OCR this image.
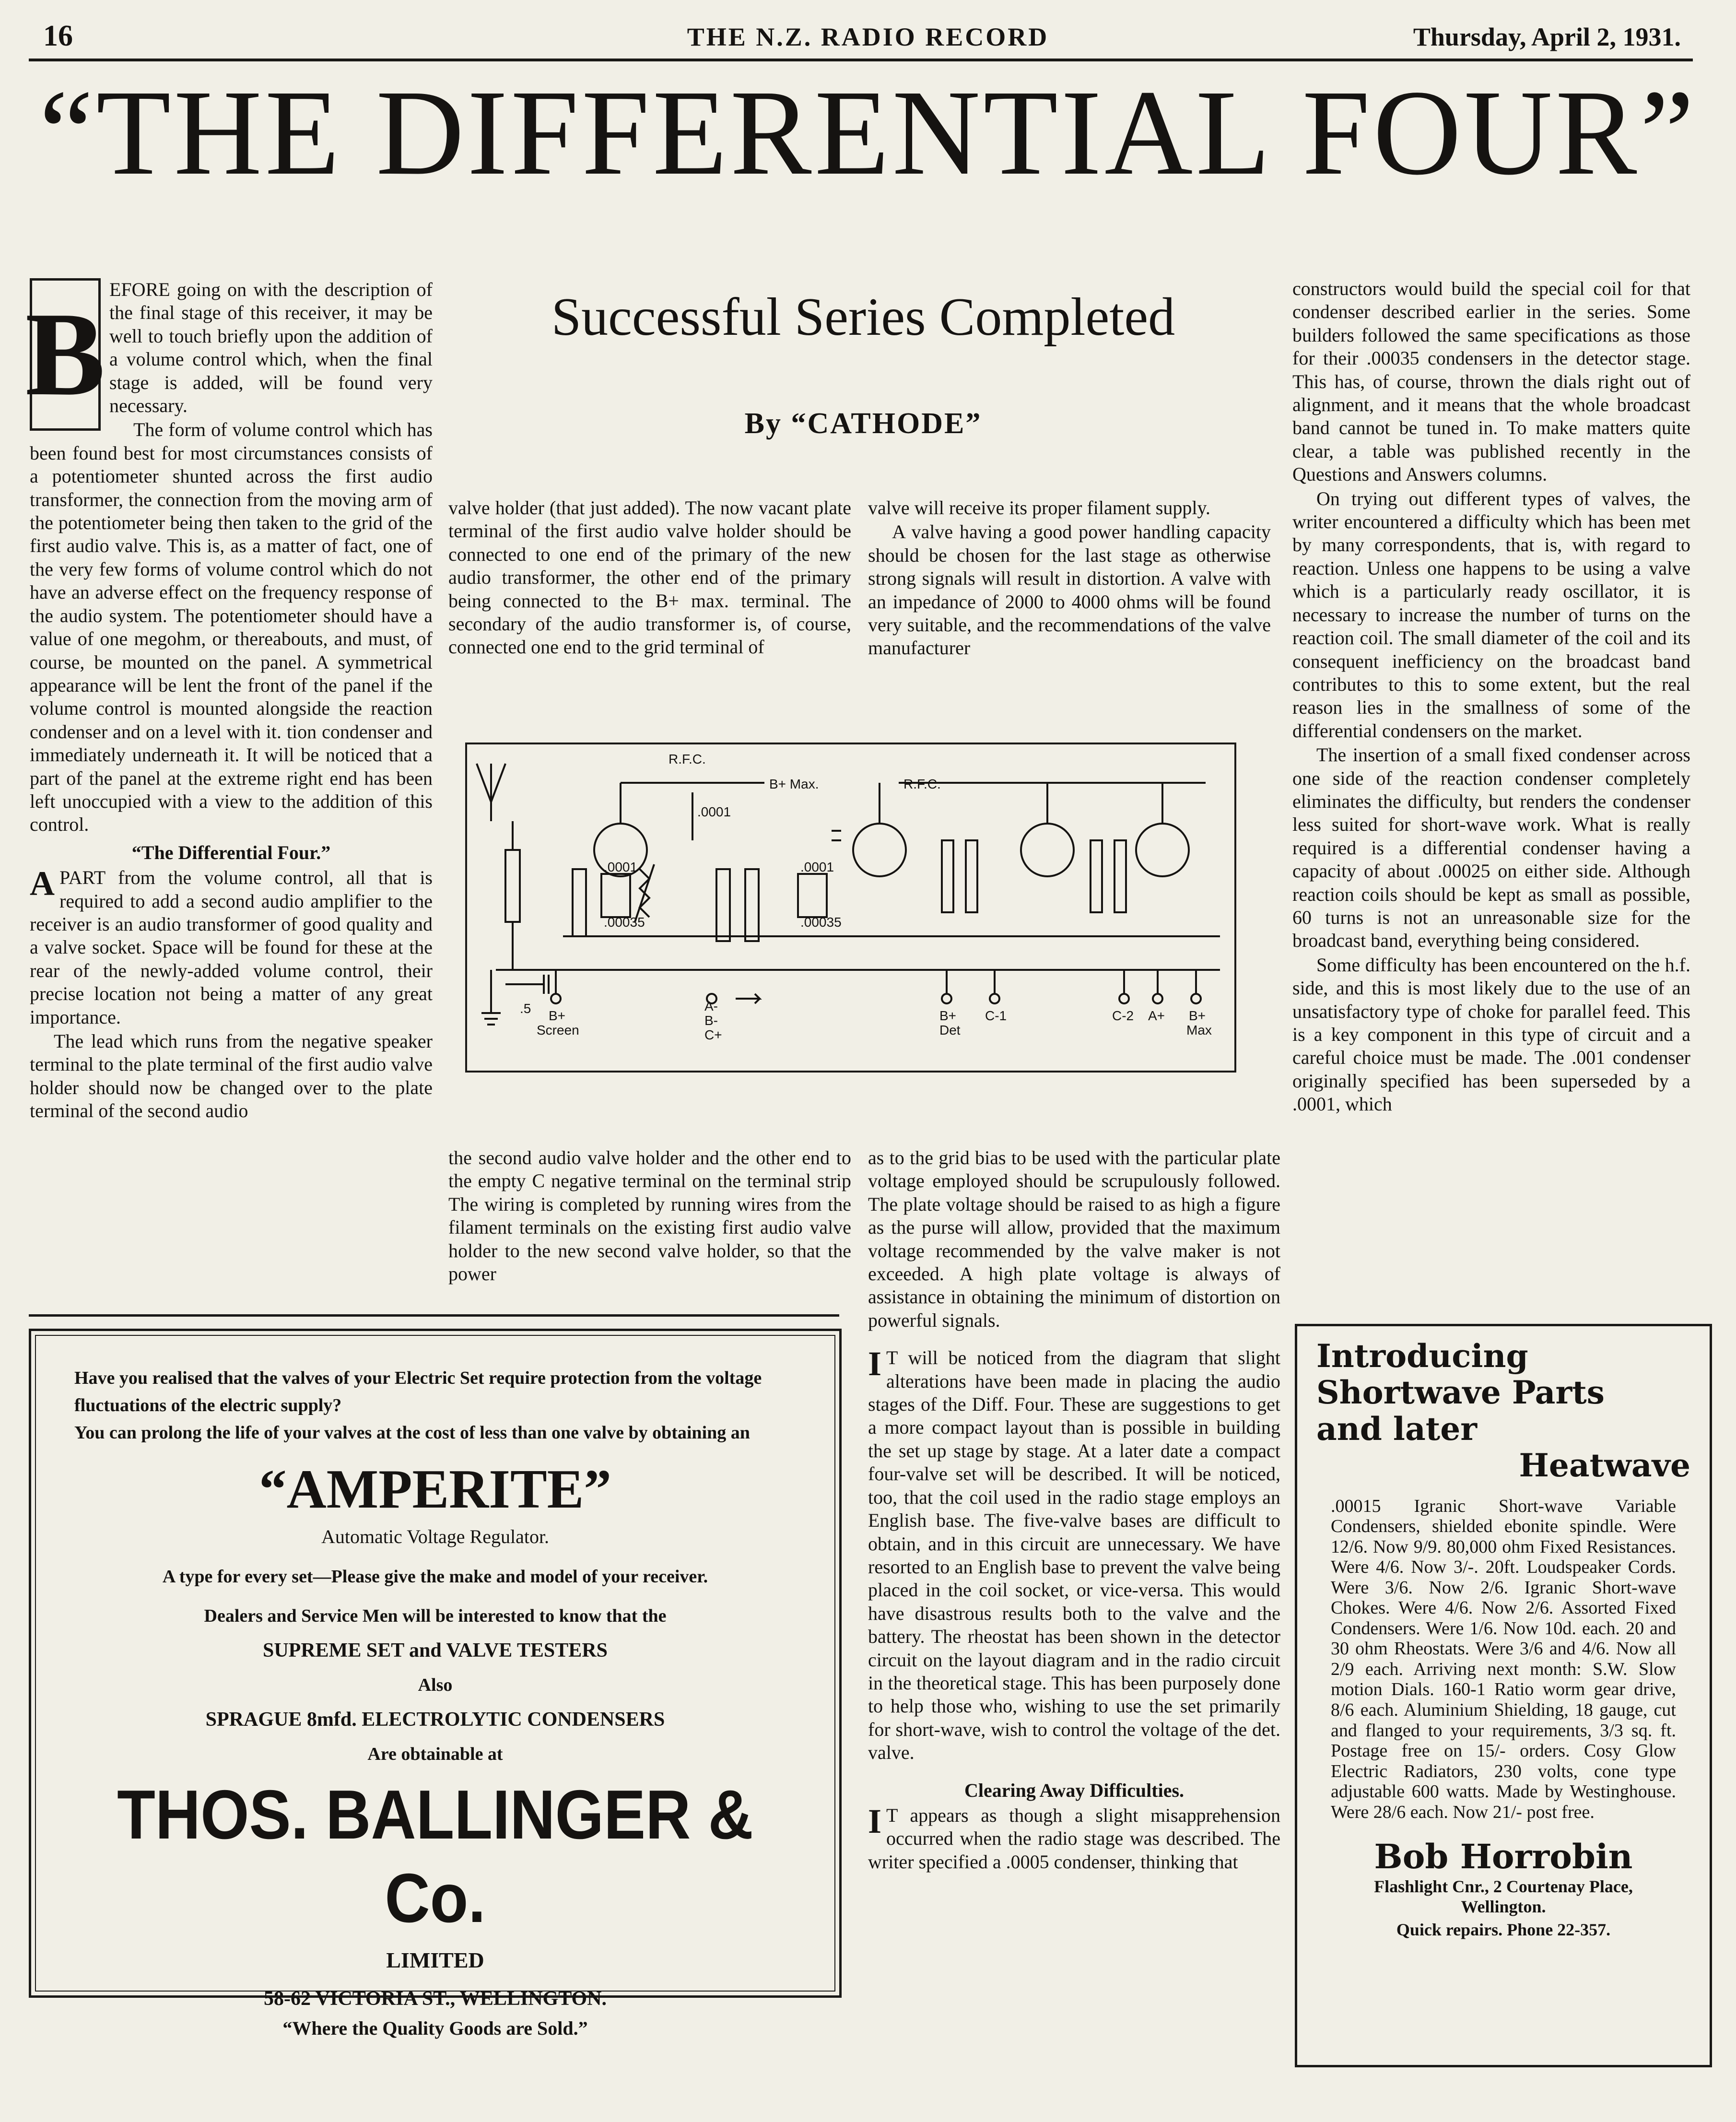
16	THE N.Z. RADIO RECORD	Thursday, April 2, 1931.
“THE DIFFERENTIAL FOUR”
Successful Series Completed
By “CATHODE”
B EFORE going on with the description of the final stage of this receiver, it may be well to touch briefly upon the addition of a volume control which, when the final stage is added, will be found very necessary.

The form of volume control which has been found best for most circumstances consists of a potentiometer shunted across the first audio transformer, the connection from the moving arm of the potentiometer being then taken to the grid of the first audio valve. This is, as a matter of fact, one of the very few forms of volume control which do not have an adverse effect on the frequency response of the audio system. The potentiometer should have a value of one megohm, or thereabouts, and must, of course, be mounted on the panel. A symmetrical appearance will be lent the front of the panel if the volume control is mounted alongside the reaction condenser and on a level with it. tion condenser and immediately underneath it. It will be noticed that a part of the panel at the extreme right end has been left unoccupied with a view to the addition of this control.

“The Differential Four.”

APART from the volume control, all that is required to add a second audio amplifier to the receiver is an audio transformer of good quality and a valve socket. Space will be found for these at the rear of the newly-added volume control, their precise location not being a matter of any great importance.

The lead which runs from the negative speaker terminal to the plate terminal of the first audio valve holder should now be changed over to the plate terminal of the second audio

valve holder (that just added). The now vacant plate terminal of the first audio valve holder should be connected to one end of the primary of the new audio transformer, the other end of the primary being connected to the B+ max. terminal. The secondary of the audio transformer is, of course, connected one end to the grid terminal of

the second audio valve holder and the other end to the empty C negative terminal on the terminal strip The wiring is completed by running wires from the filament terminals on the existing first audio valve holder to the new second valve holder, so that the power

valve will receive its proper filament supply.

A valve having a good power handling capacity should be chosen for the last stage as otherwise strong signals will result in distortion. A valve with an impedance of 2000 to 4000 ohms will be found very suitable, and the recommendations of the valve manufacturer

as to the grid bias to be used with the particular plate voltage employed should be scrupulously followed. The plate voltage should be raised to as high a figure as the purse will allow, provided that the maximum voltage recommended by the valve maker is not exceeded. A high plate voltage is always of assistance in obtaining the minimum of distortion on powerful signals.

I T will be noticed from the diagram that slight alterations have been made in placing the audio stages of the Diff. Four. These are suggestions to get a more compact layout than is possible in building the set up stage by stage. At a later date a compact four-valve set will be described. It will be noticed, too, that the coil used in the radio stage employs an English base. The five-valve bases are difficult to obtain, and in this circuit are unnecessary. We have resorted to an English base to prevent the valve being placed in the coil socket, or vice-versa. This would have disastrous results both to the valve and the battery. The rheostat has been shown in the detector circuit on the layout diagram and in the radio circuit in the theoretical stage. This has been purposely done to help those who, wishing to use the set primarily for short-wave, wish to control the voltage of the det. valve.

Clearing Away Difficulties.

I T appears as though a slight misapprehension occurred when the radio stage was described. The writer specified a .0005 condenser, thinking that

constructors would build the special coil for that condenser described earlier in the series. Some builders followed the same specifications as those for their .00035 condensers in the detector stage. This has, of course, thrown the dials right out of alignment, and it means that the whole broadcast band cannot be tuned in. To make matters quite clear, a table was published recently in the Questions and Answers columns.

On trying out different types of valves, the writer encountered a difficulty which has been met by many correspondents, that is, with regard to reaction. Unless one happens to be using a valve which is a particularly ready oscillator, it is necessary to increase the number of turns on the reaction coil. The small diameter of the coil and its consequent inefficiency on the broadcast band contributes to this to some extent, but the real reason lies in the smallness of some of the differential condensers on the market.

The insertion of a small fixed condenser across one side of the reaction condenser completely eliminates the difficulty, but renders the condenser less suited for short-wave work. What is really required is a differential condenser having a capacity of about .00025 on either side. Although reaction coils should be kept as small as possible, 60 turns is not an unreasonable size for the broadcast band, everything being considered.

Some difficulty has been encountered on the h.f. side, and this is most likely due to the use of an unsatisfactory type of choke for parallel feed. This is a key component in this type of circuit and a careful choice must be made. The .001 condenser originally specified has been superseded by a .0001, which

R.F.C.
B+ Max.	R.F.C.
.0001
.0001
.00035
.0001
.00035
.5 B+
Screen
A-
B-
C+
B+
Det
C-1	C-2 A+ B+
Max
Have you realised that the valves of your Electric Set require protection from the voltage fluctuations of the electric supply?
You can prolong the life of your valves at the cost of less than one valve by obtaining an
“AMPERITE”
Automatic Voltage Regulator.
A type for every set—Please give the make and model of your receiver.
Dealers and Service Men will be interested to know that the
SUPREME SET and VALVE TESTERS
Also
SPRAGUE 8mfd. ELECTROLYTIC CONDENSERS
Are obtainable at
THOS. BALLINGER & Co.
LIMITED
58-62 VICTORIA ST., WELLINGTON.
“Where the Quality Goods are Sold.”
Introducing
Shortwave Parts
and later
Heatwave
.00015 Igranic Short-wave Variable Condensers, shielded ebonite spindle. Were 12/6. Now 9/9. 80,000 ohm Fixed Resistances. Were 4/6. Now 3/-. 20ft. Loudspeaker Cords. Were 3/6. Now 2/6. Igranic Short-wave Chokes. Were 4/6. Now 2/6. Assorted Fixed Condensers. Were 1/6. Now 10d. each. 20 and 30 ohm Rheostats. Were 3/6 and 4/6. Now all 2/9 each. Arriving next month: S.W. Slow motion Dials. 160-1 Ratio worm gear drive, 8/6 each. Aluminium Shielding, 18 gauge, cut and flanged to your requirements, 3/3 sq. ft. Postage free on 15/- orders. Cosy Glow Electric Radiators, 230 volts, cone type adjustable 600 watts. Made by Westinghouse. Were 28/6 each. Now 21/- post free.
Bob Horrobin
Flashlight Cnr., 2 Courtenay Place,
Wellington.
Quick repairs. Phone 22-357.
